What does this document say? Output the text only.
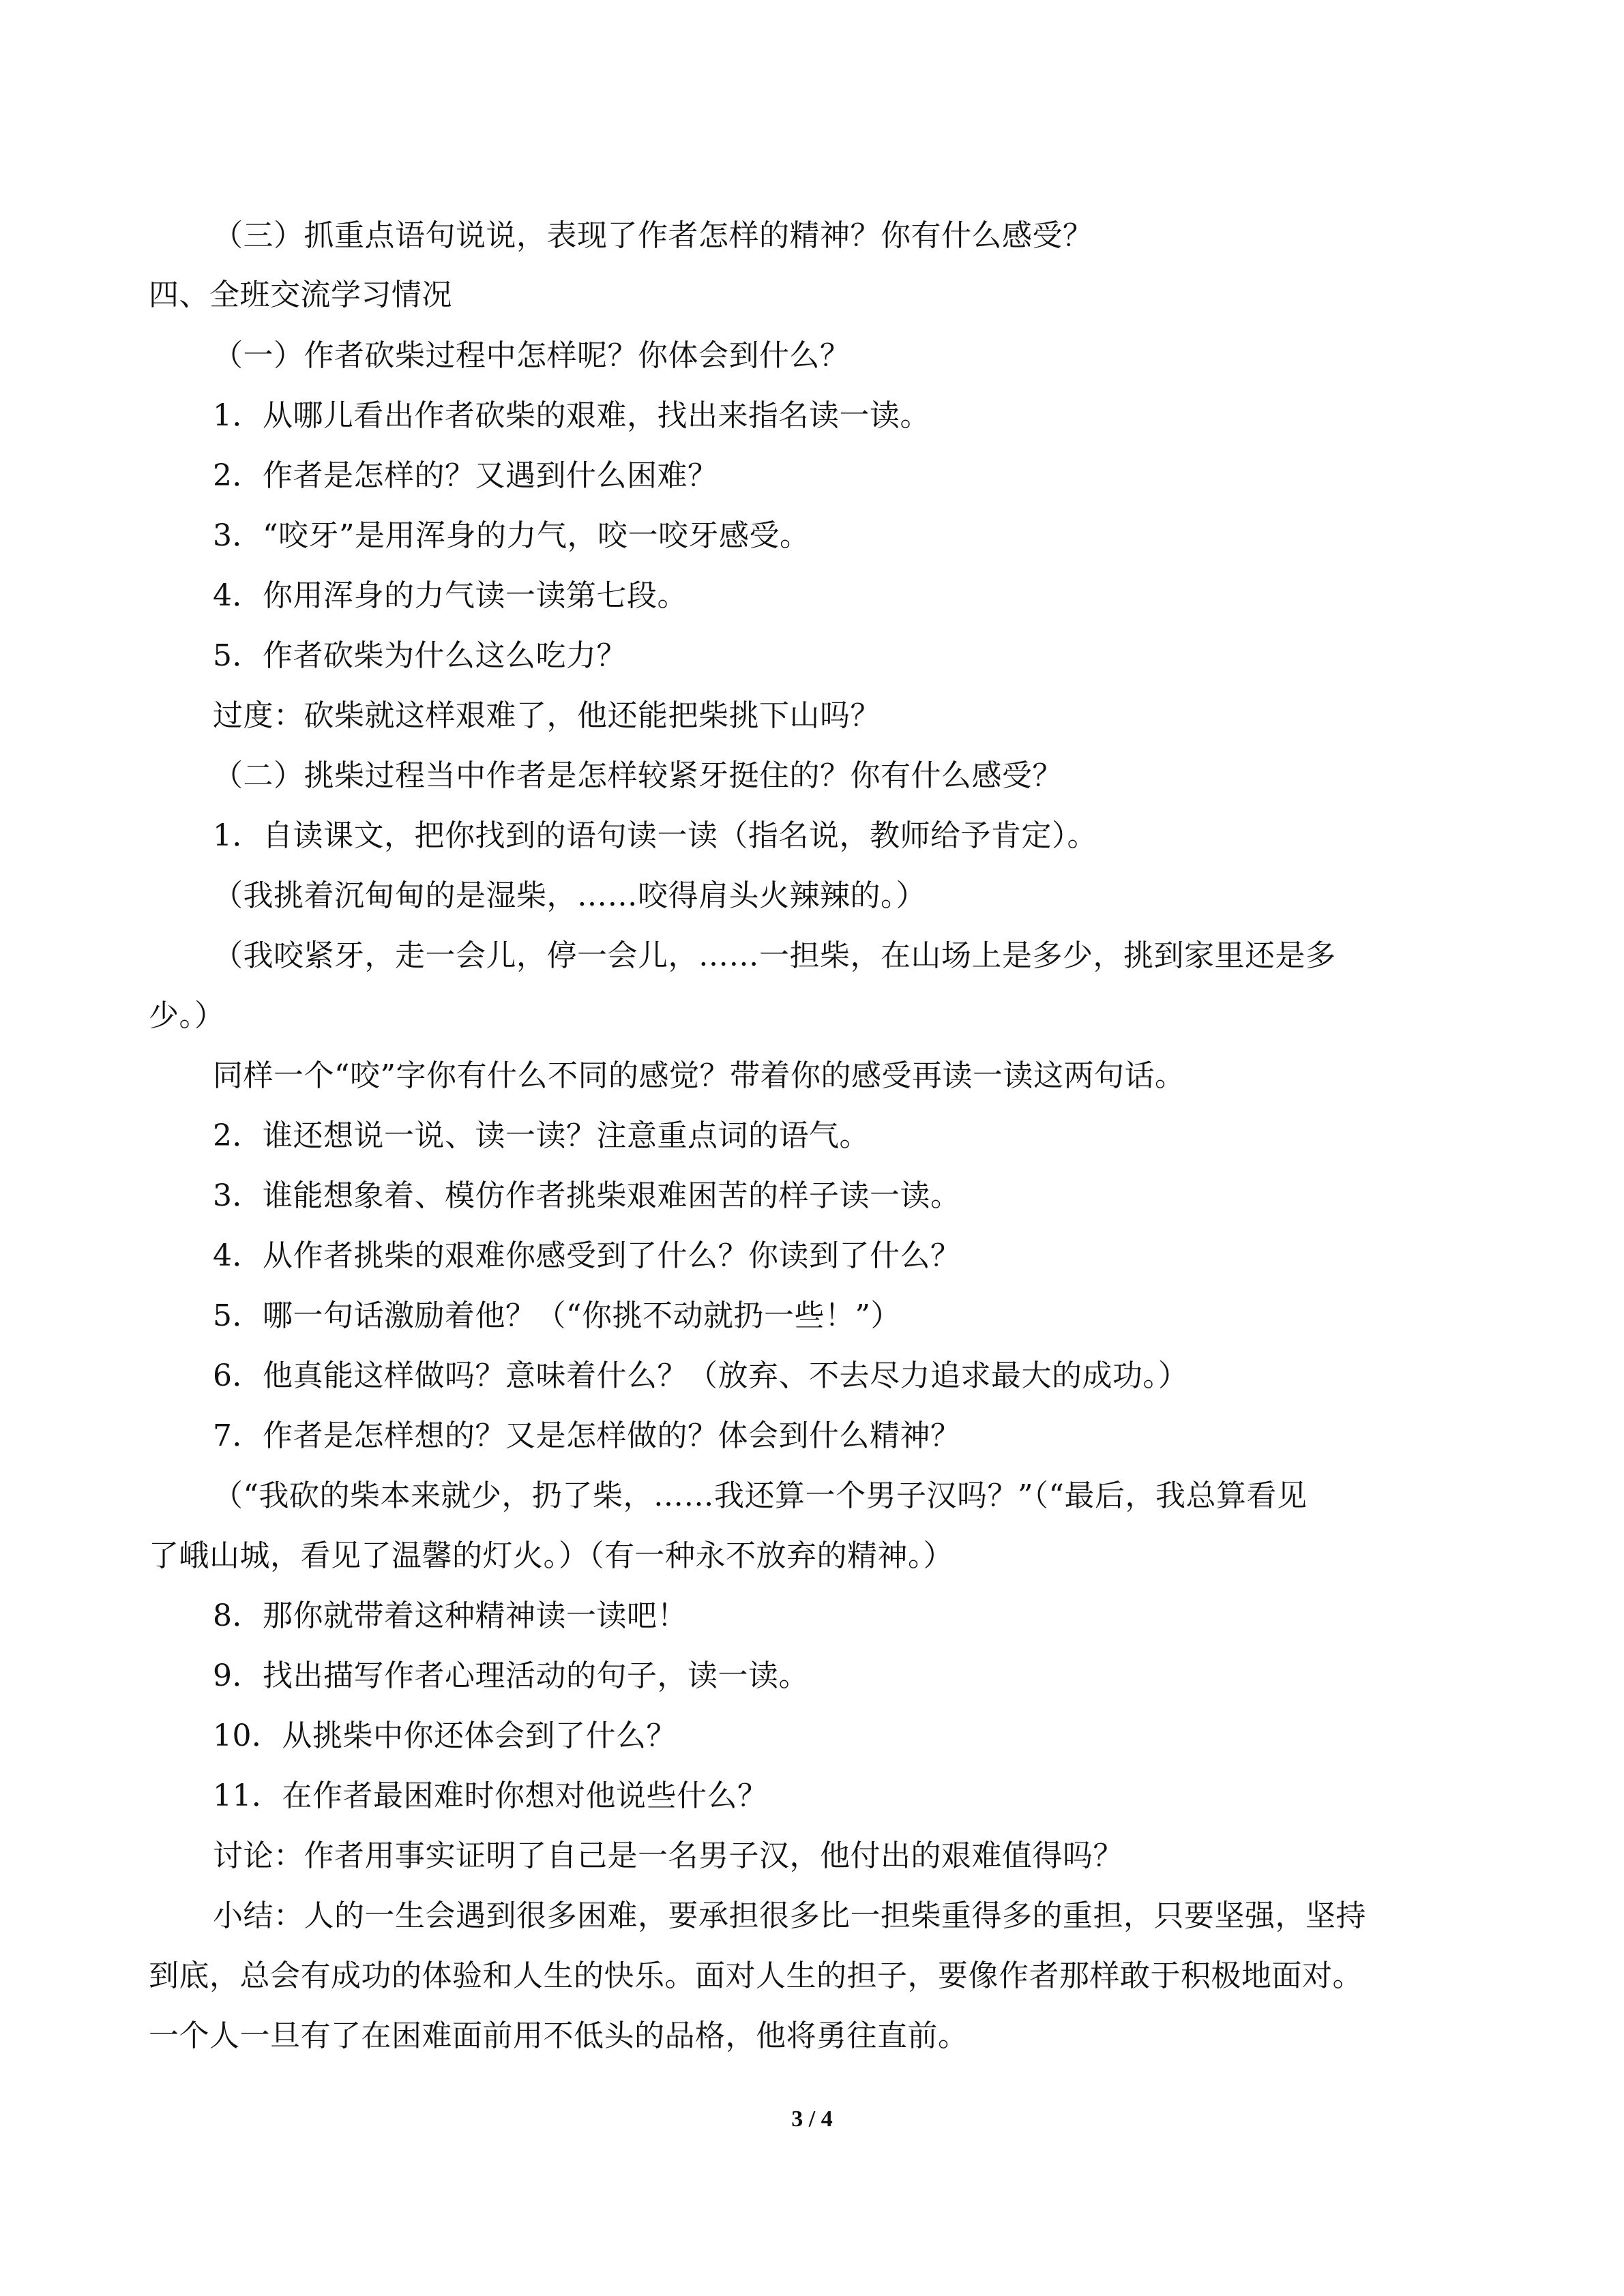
（三）抓重点语句说说，表现了作者怎样的精神？你有什么感受？
四、全班交流学习情况
（一）作者砍柴过程中怎样呢？你体会到什么？
1．从哪儿看出作者砍柴的艰难，找出来指名读一读。
2．作者是怎样的？又遇到什么困难？
3．“咬牙”是用浑身的力气，咬一咬牙感受。
4．你用浑身的力气读一读第七段。
5．作者砍柴为什么这么吃力？
过度：砍柴就这样艰难了，他还能把柴挑下山吗？
（二）挑柴过程当中作者是怎样较紧牙挺住的？你有什么感受？
1．自读课文，把你找到的语句读一读（指名说，教师给予肯定）。
（我挑着沉甸甸的是湿柴，……咬得肩头火辣辣的。）
（我咬紧牙，走一会儿，停一会儿，……一担柴，在山场上是多少，挑到家里还是多
少。）
同样一个“咬”字你有什么不同的感觉？带着你的感受再读一读这两句话。
2．谁还想说一说、读一读？注意重点词的语气。
3．谁能想象着、模仿作者挑柴艰难困苦的样子读一读。
4．从作者挑柴的艰难你感受到了什么？你读到了什么？
5．哪一句话激励着他？（“你挑不动就扔一些！”）
6．他真能这样做吗？意味着什么？（放弃、不去尽力追求最大的成功。）
7．作者是怎样想的？又是怎样做的？体会到什么精神？
（“我砍的柴本来就少，扔了柴，……我还算一个男子汉吗？”（“最后，我总算看见
了峨山城，看见了温馨的灯火。）（有一种永不放弃的精神。）
8．那你就带着这种精神读一读吧！
9．找出描写作者心理活动的句子，读一读。
10．从挑柴中你还体会到了什么？
11．在作者最困难时你想对他说些什么？
讨论：作者用事实证明了自己是一名男子汉，他付出的艰难值得吗？
小结：人的一生会遇到很多困难，要承担很多比一担柴重得多的重担，只要坚强，坚持
到底，总会有成功的体验和人生的快乐。面对人生的担子，要像作者那样敢于积极地面对。
一个人一旦有了在困难面前用不低头的品格，他将勇往直前。
3 / 4
